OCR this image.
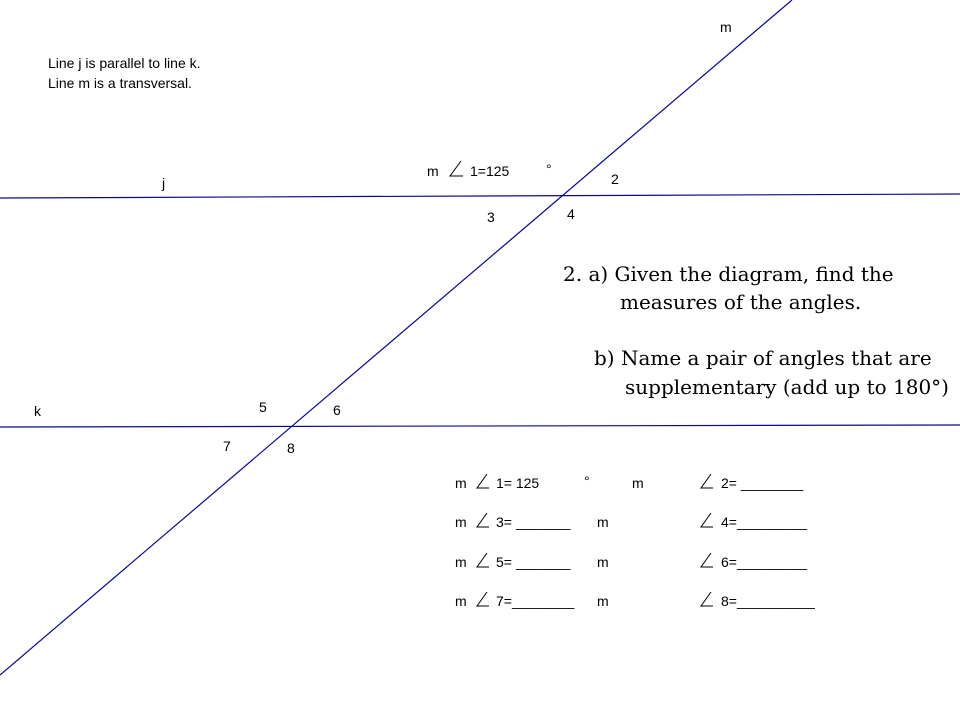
Line j is parallel to line k.
Line m is a transversal.
m
j
k
m 1=125	°
2
3	4
5	6
7	8
2. a) Given the diagram, find the
measures of the angles.
b) Name a pair of angles that are
supplementary (add up to 180°)
m 1= 125	°	m	2= ________
m 3= _______ m	4=_________
m 5= _______ m	6=_________
m 7=________ m	8=__________
